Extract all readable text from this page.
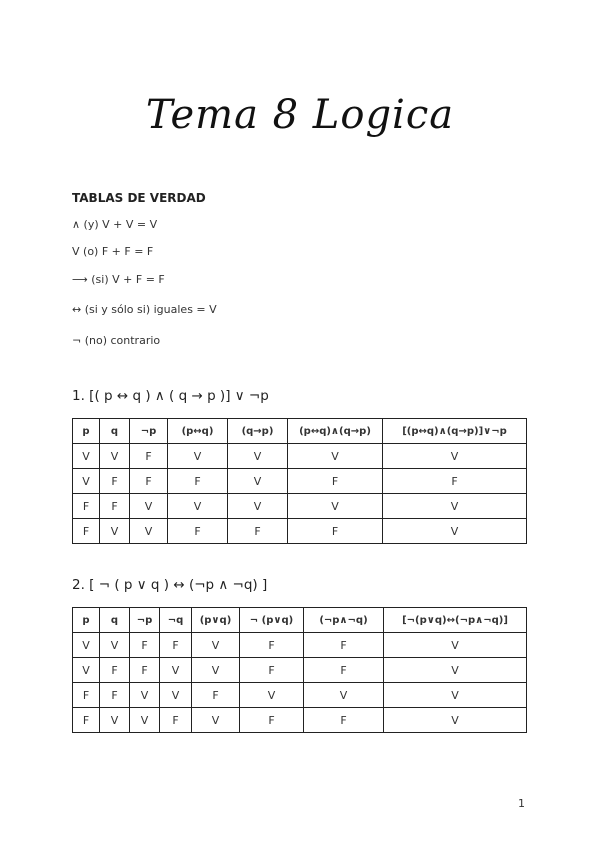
Tema 8 Logica
TABLAS DE VERDAD
∧ (y) V + V = V
V (o) F + F = F
⟶ (si) V + F = F
↔ (si y sólo si) iguales = V
¬ (no) contrario
1. [( p ↔ q ) ∧ ( q → p )] ∨ ¬p
p	q	¬p	(p↔q)	(q→p)	(p↔q)∧(q→p)	[(p↔q)∧(q→p)]∨¬p
V	V	F	V	V	V	V
V	F	F	F	V	F	F
F	F	V	V	V	V	V
F	V	V	F	F	F	V
2. [ ¬ ( p ∨ q ) ↔ (¬p ∧ ¬q) ]
p	q	¬p	¬q	(p∨q)	¬ (p∨q)	(¬p∧¬q)	[¬(p∨q)↔(¬p∧¬q)]
V	V	F	F	V	F	F	V
V	F	F	V	V	F	F	V
F	F	V	V	F	V	V	V
F	V	V	F	V	F	F	V
1
